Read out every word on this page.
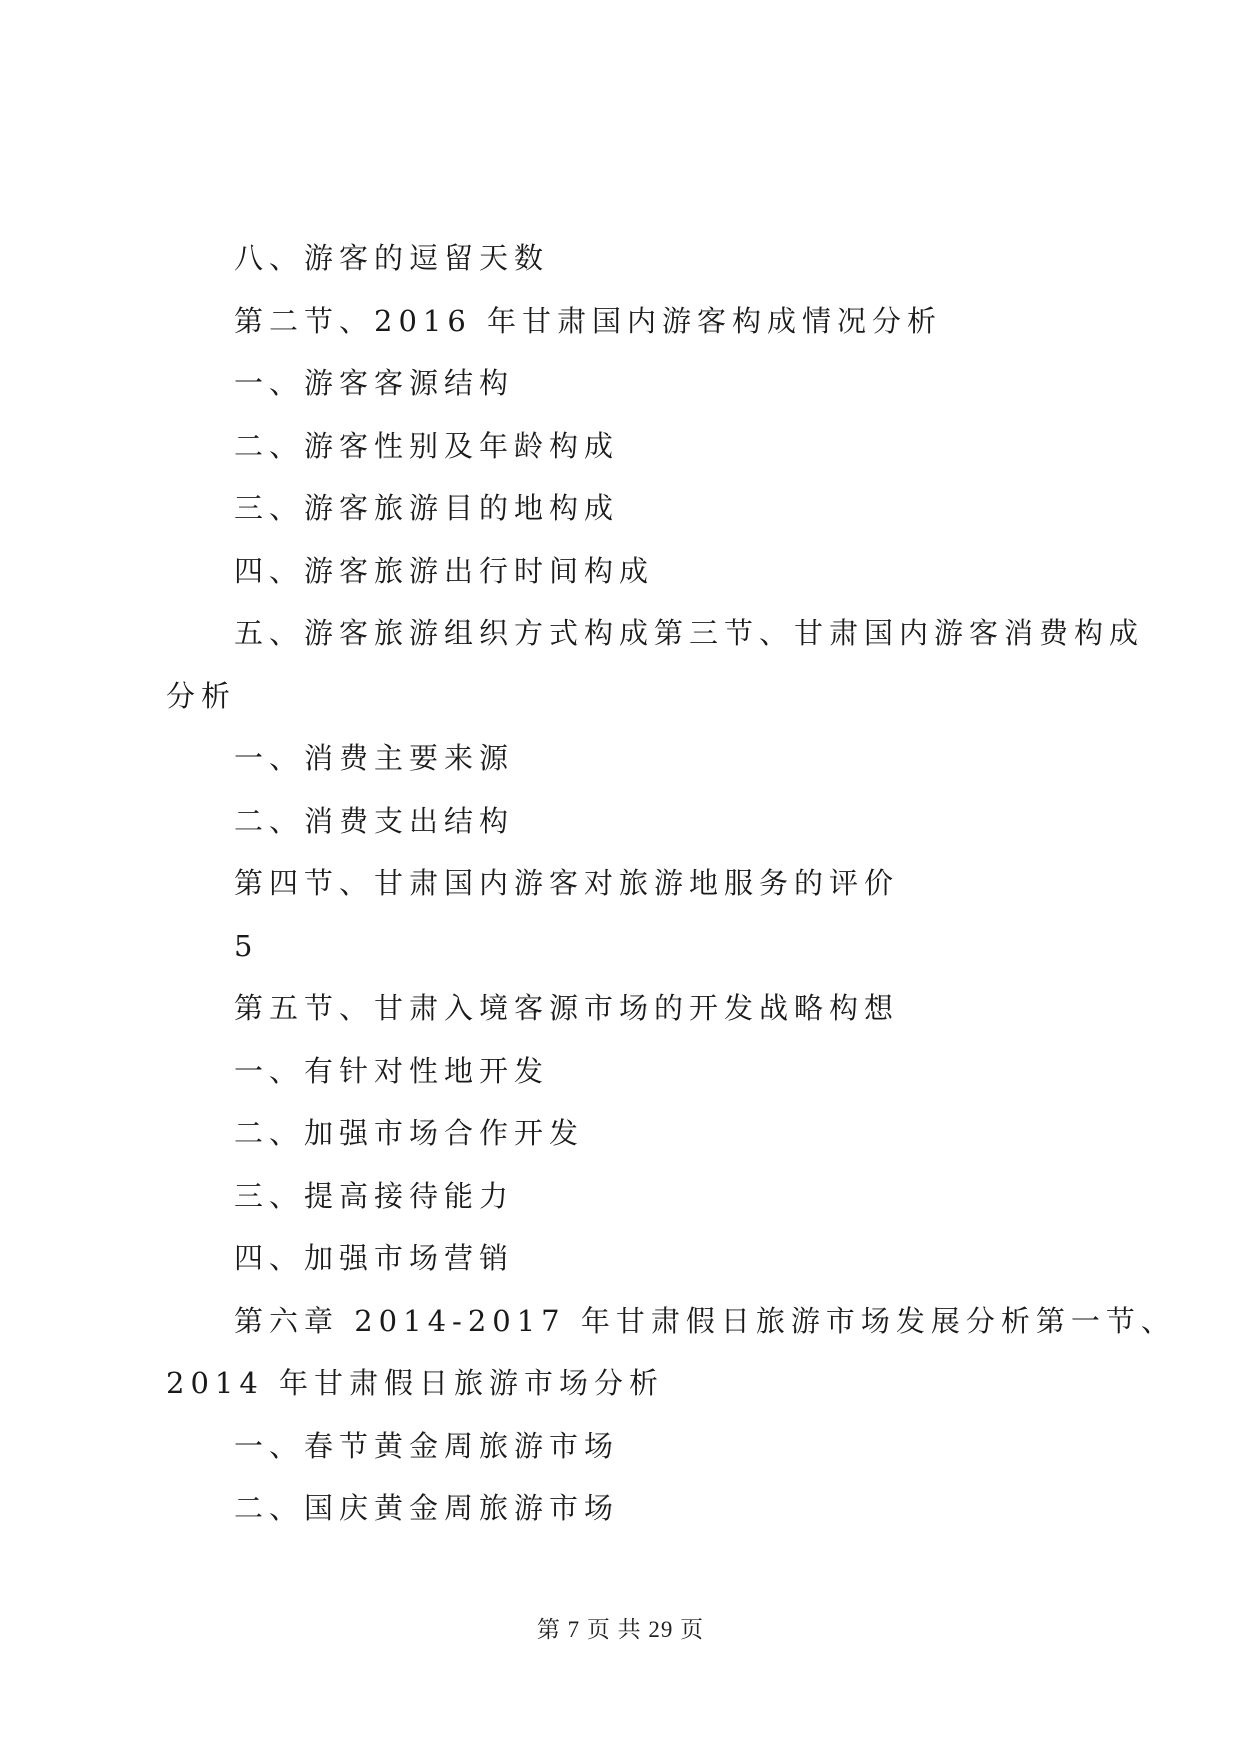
八、游客的逗留天数
第二节、2016 年甘肃国内游客构成情况分析
一、游客客源结构
二、游客性别及年龄构成
三、游客旅游目的地构成
四、游客旅游出行时间构成
五、游客旅游组织方式构成第三节、甘肃国内游客消费构成
分析
一、消费主要来源
二、消费支出结构
第四节、甘肃国内游客对旅游地服务的评价
5
第五节、甘肃入境客源市场的开发战略构想
一、有针对性地开发
二、加强市场合作开发
三、提高接待能力
四、加强市场营销
第六章 2014-2017 年甘肃假日旅游市场发展分析第一节、
2014 年甘肃假日旅游市场分析
一、春节黄金周旅游市场
二、国庆黄金周旅游市场
第 7 页 共 29 页
